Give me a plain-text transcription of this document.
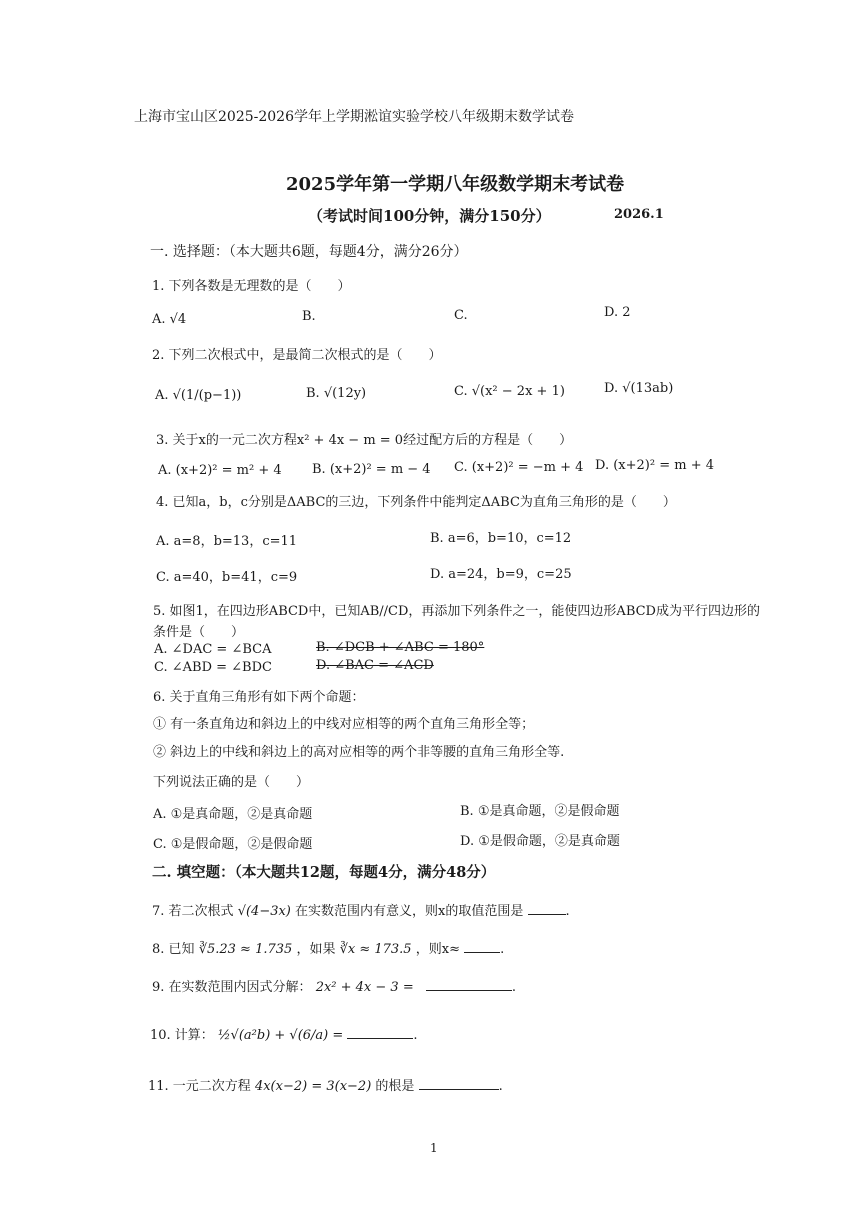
上海市宝山区2025-2026学年上学期淞谊实验学校八年级期末数学试卷
2025学年第一学期八年级数学期末考试卷
（考试时间100分钟，满分150分）	2026.1
一. 选择题：（本大题共6题，每题4分，满分26分）
1. 下列各数是无理数的是（　　）
A. √4	B.	C.	D. 2
2. 下列二次根式中，是最简二次根式的是（　　）
A. √(1/(p−1))	B. √(12y)	C. √(x² − 2x + 1)	D. √(13ab)
3. 关于x的一元二次方程x² + 4x − m = 0经过配方后的方程是（　　）
A. (x+2)² = m² + 4 B. (x+2)² = m − 4 C. (x+2)² = −m + 4 D. (x+2)² = m + 4
4. 已知a，b，c分别是ΔABC的三边，下列条件中能判定ΔABC为直角三角形的是（　　）
A. a=8，b=13，c=11	B. a=6，b=10，c=12
C. a=40，b=41，c=9	D. a=24，b=9，c=25
5. 如图1，在四边形ABCD中，已知AB//CD，再添加下列条件之一，能使四边形ABCD成为平行四边形的
条件是（　　）
A. ∠DAC = ∠BCA	B. ∠DCB + ∠ABC = 180°
C. ∠ABD = ∠BDC	D. ∠BAC = ∠ACD
6. 关于直角三角形有如下两个命题：
① 有一条直角边和斜边上的中线对应相等的两个直角三角形全等；
② 斜边上的中线和斜边上的高对应相等的两个非等腰的直角三角形全等.
下列说法正确的是（　　）
A. ①是真命题，②是真命题	B. ①是真命题，②是假命题
C. ①是假命题，②是假命题	D. ①是假命题，②是真命题
二. 填空题：（本大题共12题，每题4分，满分48分）
7. 若二次根式 √(4−3x) 在实数范围内有意义，则x的取值范围是	.
8. 已知 ∛5.23 ≈ 1.735 ，如果 ∛x ≈ 173.5 ，则x≈	.
9. 在实数范围内因式分解： 2x² + 4x − 3 =	.
10. 计算： ½√(a²b) + √(6/a) =	.
11. 一元二次方程 4x(x−2) = 3(x−2) 的根是	.
1
